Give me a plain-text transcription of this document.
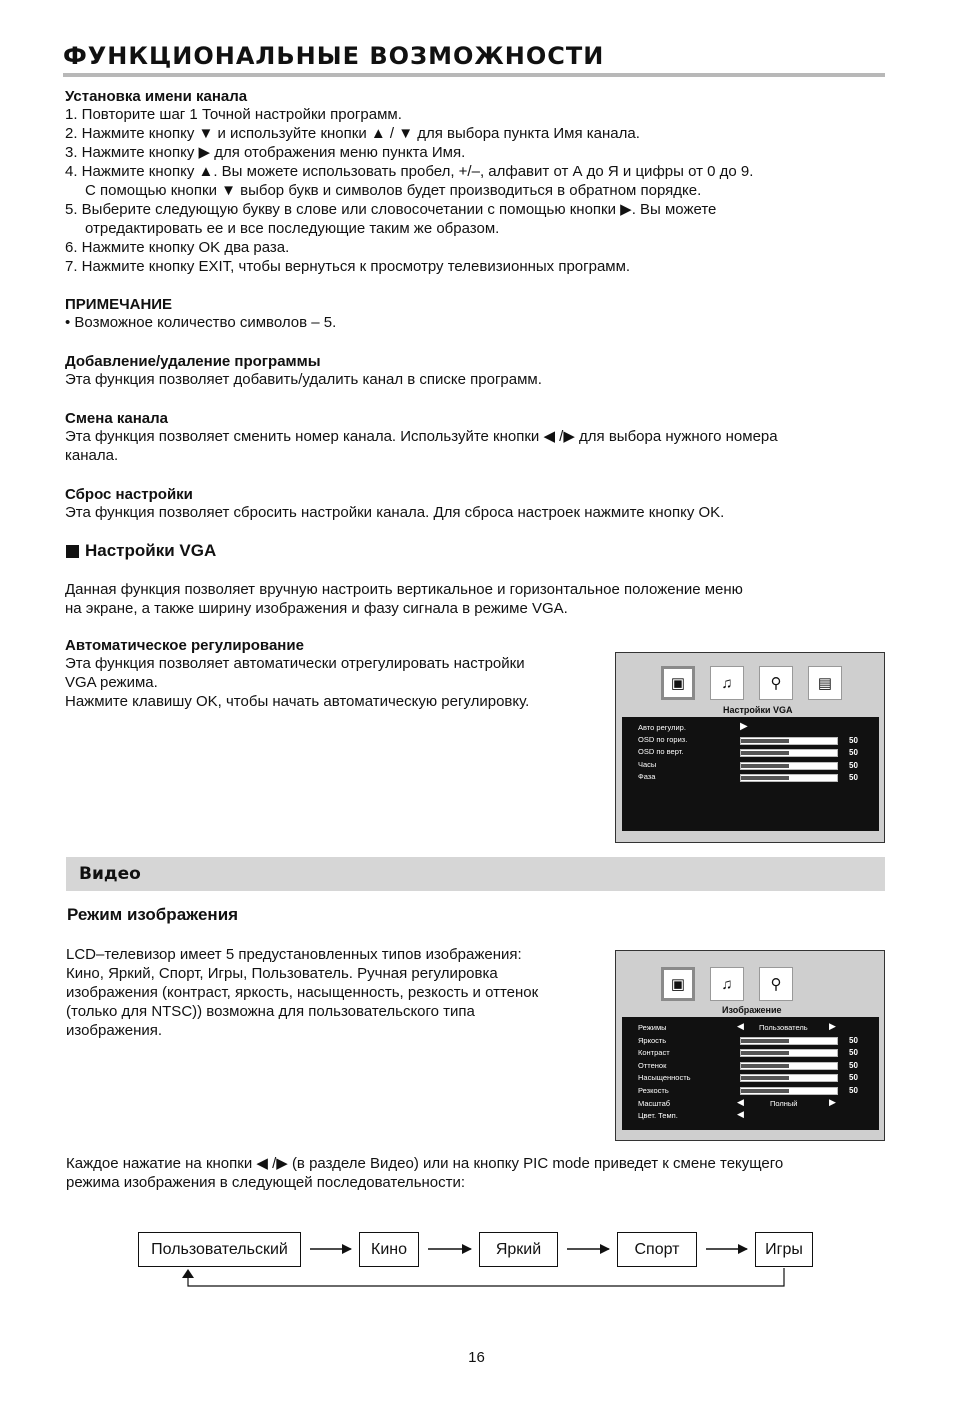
ФУНКЦИОНАЛЬНЫЕ ВОЗМОЖНОСТИ
Установка имени канала
1. Повторите шаг 1 Точной настройки программ.
2. Нажмите кнопку ▼ и используйте кнопки ▲ / ▼ для выбора пункта Имя канала.
3. Нажмите кнопку ▶ для отображения меню пункта Имя.
4. Нажмите кнопку ▲. Вы можете использовать пробел, +/–, алфавит от А до Я и цифры от 0 до 9.
С помощью кнопки ▼ выбор букв и символов будет производиться в обратном порядке.
5. Выберите следующую букву в слове или словосочетании с помощью кнопки ▶. Вы можете
отредактировать ее и все последующие таким же образом.
6. Нажмите кнопку OK два раза.
7. Нажмите кнопку EXIT, чтобы вернуться к просмотру телевизионных программ.
ПРИМЕЧАНИЕ
• Возможное количество символов – 5.
Добавление/удаление программы
Эта функция позволяет добавить/удалить канал в списке программ.
Смена канала
Эта функция позволяет сменить номер канала. Используйте кнопки ◀ /▶ для выбора нужного номера
канала.
Сброс настройки
Эта функция позволяет сбросить настройки канала. Для сброса настроек нажмите кнопку OK.
Настройки VGA
Данная функция позволяет вручную настроить вертикальное и горизонтальное положение меню
на экране, а также ширину изображения и фазу сигнала в режиме VGA.
Автоматическое регулирование
Эта функция позволяет автоматически отрегулировать настройки
VGA режима.
Нажмите клавишу OK, чтобы начать автоматическую регулировку.
▣	♫	⚲	▤
Настройки VGA
Авто регулир.	▶
OSD по гориз.	50
OSD по верт.	50
Часы	50
Фаза	50
Видео
Режим изображения
LCD–телевизор имеет 5 предустановленных типов изображения:
Кино, Яркий, Спорт, Игры, Пользователь. Ручная регулировка
изображения (контраст, яркость, насыщенность, резкость и оттенок
(только для NTSC)) возможна для пользовательского типа
изображения.
▣	♫	⚲
Изображение
Режимы	◀ Пользователь ▶
Яркость	50
Контраст	50
Оттенок	50
Насыщенность	50
Резкость	50
Масштаб	◀	Полный	▶
Цвет. Темп.	◀
Каждое нажатие на кнопки ◀ /▶ (в разделе Видео) или на кнопку PIC mode приведет к смене текущего
режима изображения в следующей последовательности:
Пользовательский	Кино	Яркий	Спорт	Игры
16
